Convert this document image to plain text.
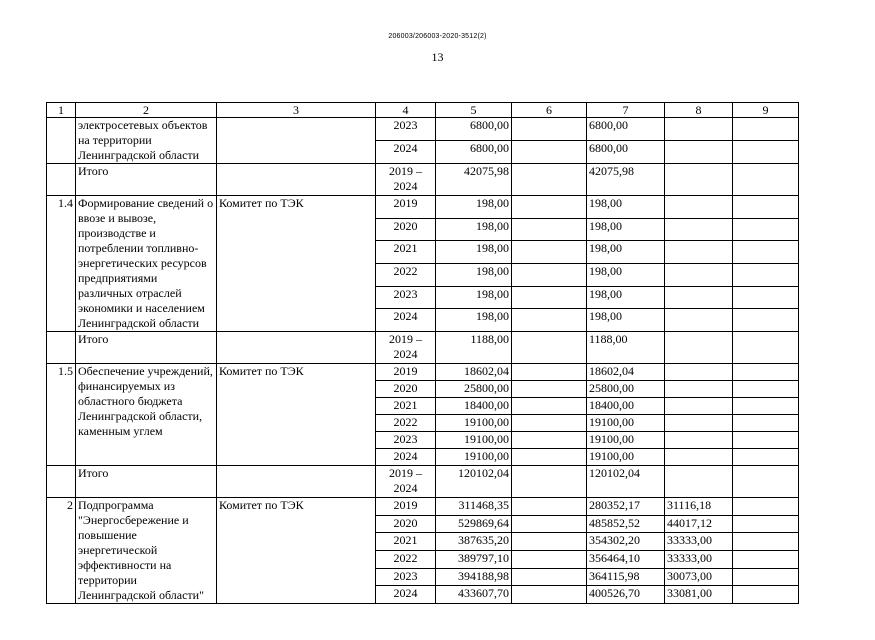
206003/206003-2020-3512(2)
13
1	2	3	4	5	6	7	8	9
	электросетевых объектов на территории Ленинградской области		2023	6800,00		6800,00		
			2024	6800,00		6800,00		
	Итого		2019 – 2024	42075,98		42075,98		
1.4	Формирование сведений о ввозе и вывозе, производстве и потреблении топливно-энергетических ресурсов предприятиями различных отраслей экономики и населением Ленинградской области	Комитет по ТЭК	2019	198,00		198,00		
			2020	198,00		198,00		
			2021	198,00		198,00		
			2022	198,00		198,00		
			2023	198,00		198,00		
			2024	198,00		198,00		
	Итого		2019 – 2024	1188,00		1188,00		
1.5	Обеспечение учреждений, финансируемых из областного бюджета Ленинградской области, каменным углем	Комитет по ТЭК	2019	18602,04		18602,04		
			2020	25800,00		25800,00		
			2021	18400,00		18400,00		
			2022	19100,00		19100,00		
			2023	19100,00		19100,00		
			2024	19100,00		19100,00		
	Итого		2019 – 2024	120102,04		120102,04		
2	Подпрограмма "Энергосбережение и повышение энергетической эффективности на территории Ленинградской области"	Комитет по ТЭК	2019	311468,35		280352,17	31116,18	
			2020	529869,64		485852,52	44017,12	
			2021	387635,20		354302,20	33333,00	
			2022	389797,10		356464,10	33333,00	
			2023	394188,98		364115,98	30073,00	
			2024	433607,70		400526,70	33081,00	
